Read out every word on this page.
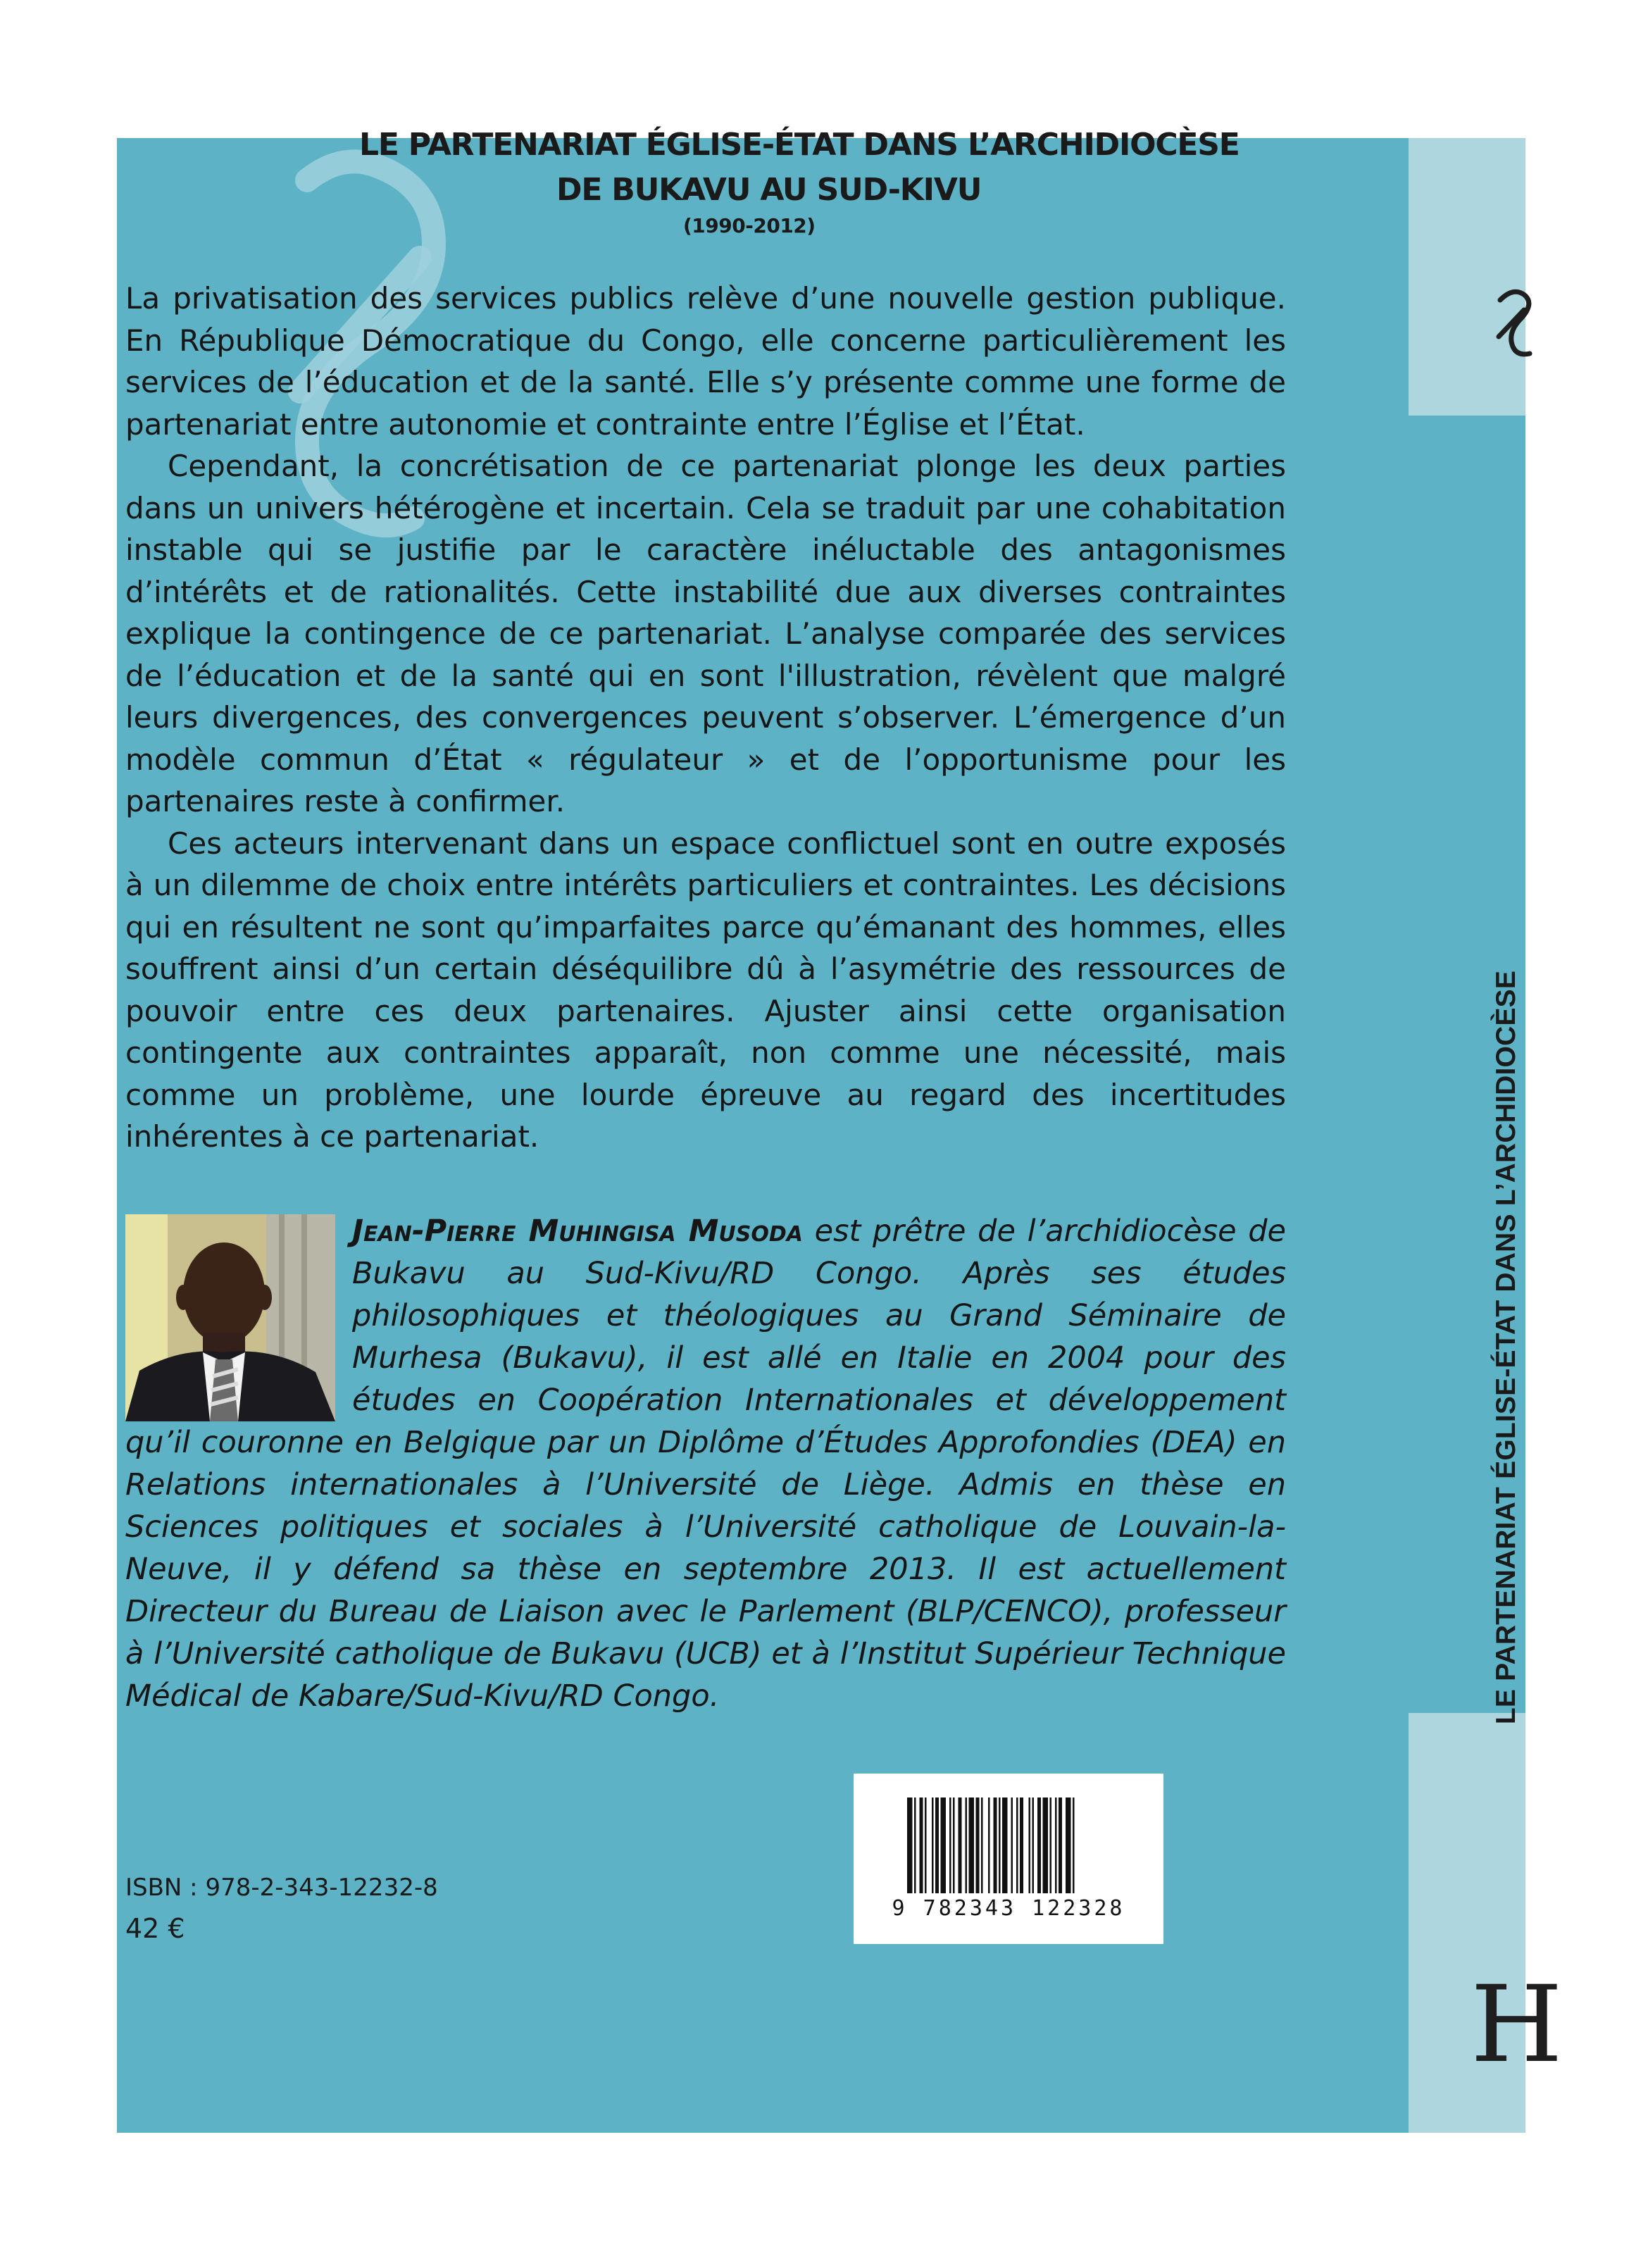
LE PARTENARIAT ÉGLISE-ÉTAT DANS L’ARCHIDIOCÈSE
H
LE PARTENARIAT ÉGLISE-ÉTAT DANS L’ARCHIDIOCÈSE
DE BUKAVU AU SUD-KIVU
(1990-2012)

La privatisation des services publics relève d’une nouvelle gestion publique. En République Démocratique du Congo, elle concerne particulièrement les services de l’éducation et de la santé. Elle s’y présente comme une forme de partenariat entre autonomie et contrainte entre l’Église et l’État.

Cependant, la concrétisation de ce partenariat plonge les deux parties dans un univers hétérogène et incertain. Cela se traduit par une cohabitation instable qui se justifie par le caractère inéluctable des antagonismes d’intérêts et de rationalités. Cette instabilité due aux diverses contraintes explique la contingence de ce partenariat. L’analyse comparée des services de l’éducation et de la santé qui en sont l'illustration, révèlent que malgré leurs divergences, des convergences peuvent s’observer. L’émergence d’un modèle commun d’État « régulateur » et de l’opportunisme pour les partenaires reste à confirmer.

Ces acteurs intervenant dans un espace conflictuel sont en outre exposés à un dilemme de choix entre intérêts particuliers et contraintes. Les décisions qui en résultent ne sont qu’imparfaites parce qu’émanant des hommes, elles souffrent ainsi d’un certain déséquilibre dû à l’asymétrie des ressources de pouvoir entre ces deux partenaires. Ajuster ainsi cette organisation contingente aux contraintes apparaît, non comme une nécessité, mais comme un problème, une lourde épreuve au regard des incertitudes inhérentes à ce partenariat.

Jean-Pierre Muhingisa Musoda est prêtre de l’archidiocèse de Bukavu au Sud-Kivu/RD Congo. Après ses études philosophiques et théologiques au Grand Séminaire de Murhesa (Bukavu), il est allé en Italie en 2004 pour des études en Coopération Internationales et développement qu’il couronne en Belgique par un Diplôme d’Études Approfondies (DEA) en Relations internationales à l’Université de Liège. Admis en thèse en Sciences politiques et sociales à l’Université catholique de Louvain-la-Neuve, il y défend sa thèse en septembre 2013. Il est actuellement Directeur du Bureau de Liaison avec le Parlement (BLP/CENCO), professeur à l’Université catholique de Bukavu (UCB) et à l’Institut Supérieur Technique Médical de Kabare/Sud-Kivu/RD Congo.
ISBN : 978-2-343-12232-8
42 €
9 782343 122328
